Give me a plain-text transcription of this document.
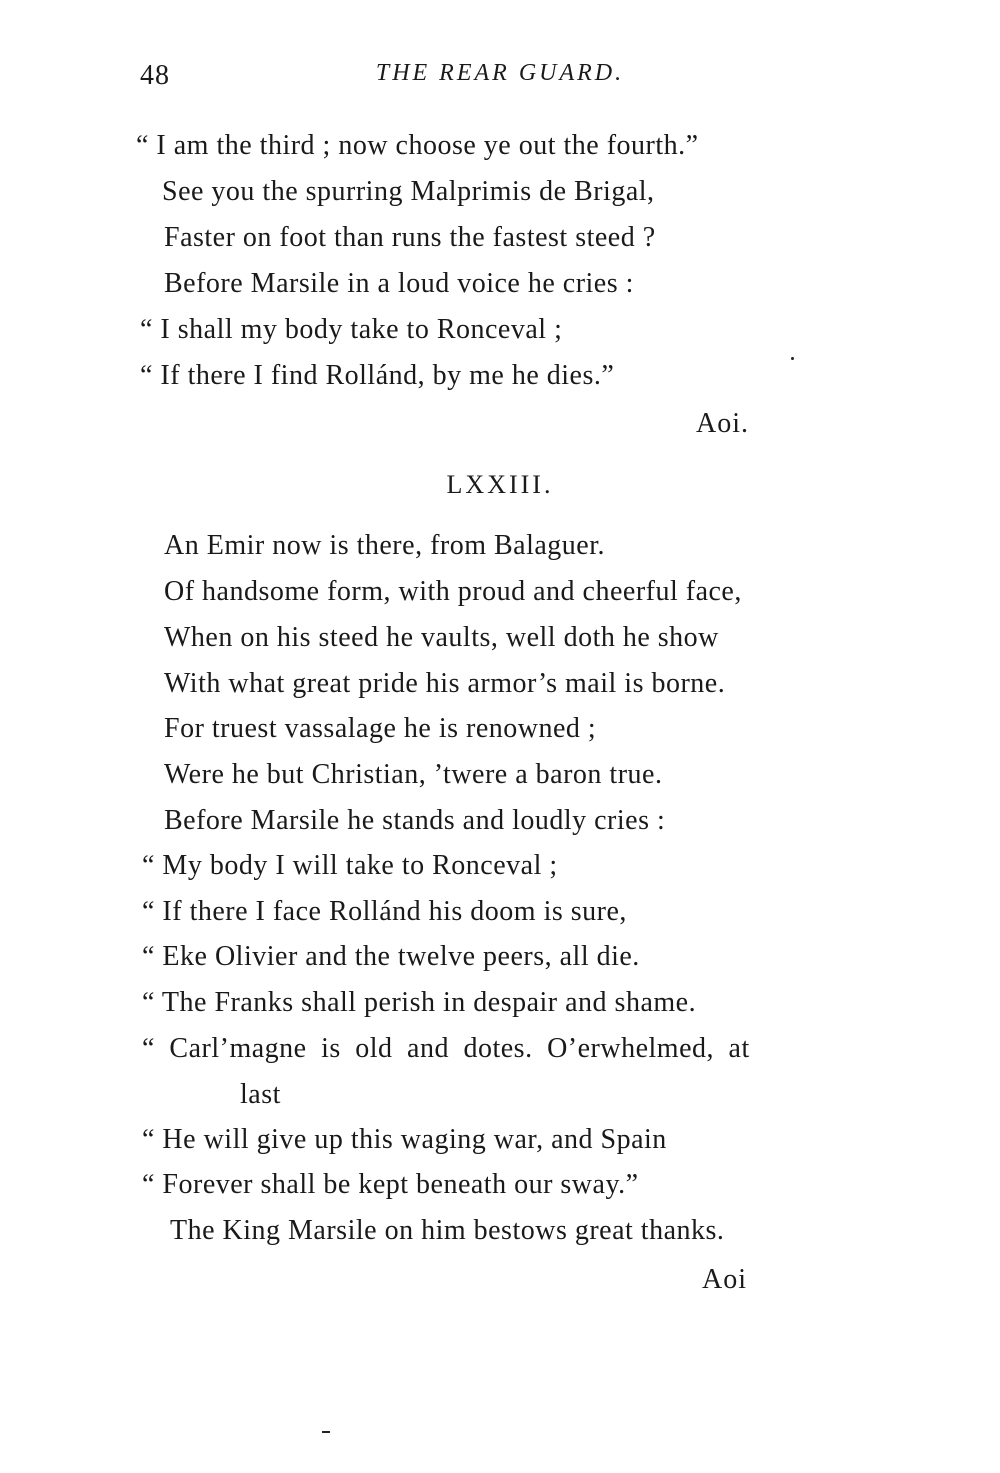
48	THE REAR GUARD.
“ I am the third ; now choose ye out the fourth.”
See you the spurring Malprimis de Brigal,
Faster on foot than runs the fastest steed ?
Before Marsile in a loud voice he cries :
“ I shall my body take to Ronceval ;
“ If there I find Rollánd, by me he dies.”
Aoi.
LXXIII.
An Emir now is there, from Balaguer.
Of handsome form, with proud and cheerful face,
When on his steed he vaults, well doth he show
With what great pride his armor’s mail is borne.
For truest vassalage he is renowned ;
Were he but Christian, ’twere a baron true.
Before Marsile he stands and loudly cries :
“ My body I will take to Ronceval ;
“ If there I face Rollánd his doom is sure,
“ Eke Olivier and the twelve peers, all die.
“ The Franks shall perish in despair and shame.
“ Carl’magne is old and dotes. O’erwhelmed, at
last
“ He will give up this waging war, and Spain
“ Forever shall be kept beneath our sway.”
The King Marsile on him bestows great thanks.
Aoi
